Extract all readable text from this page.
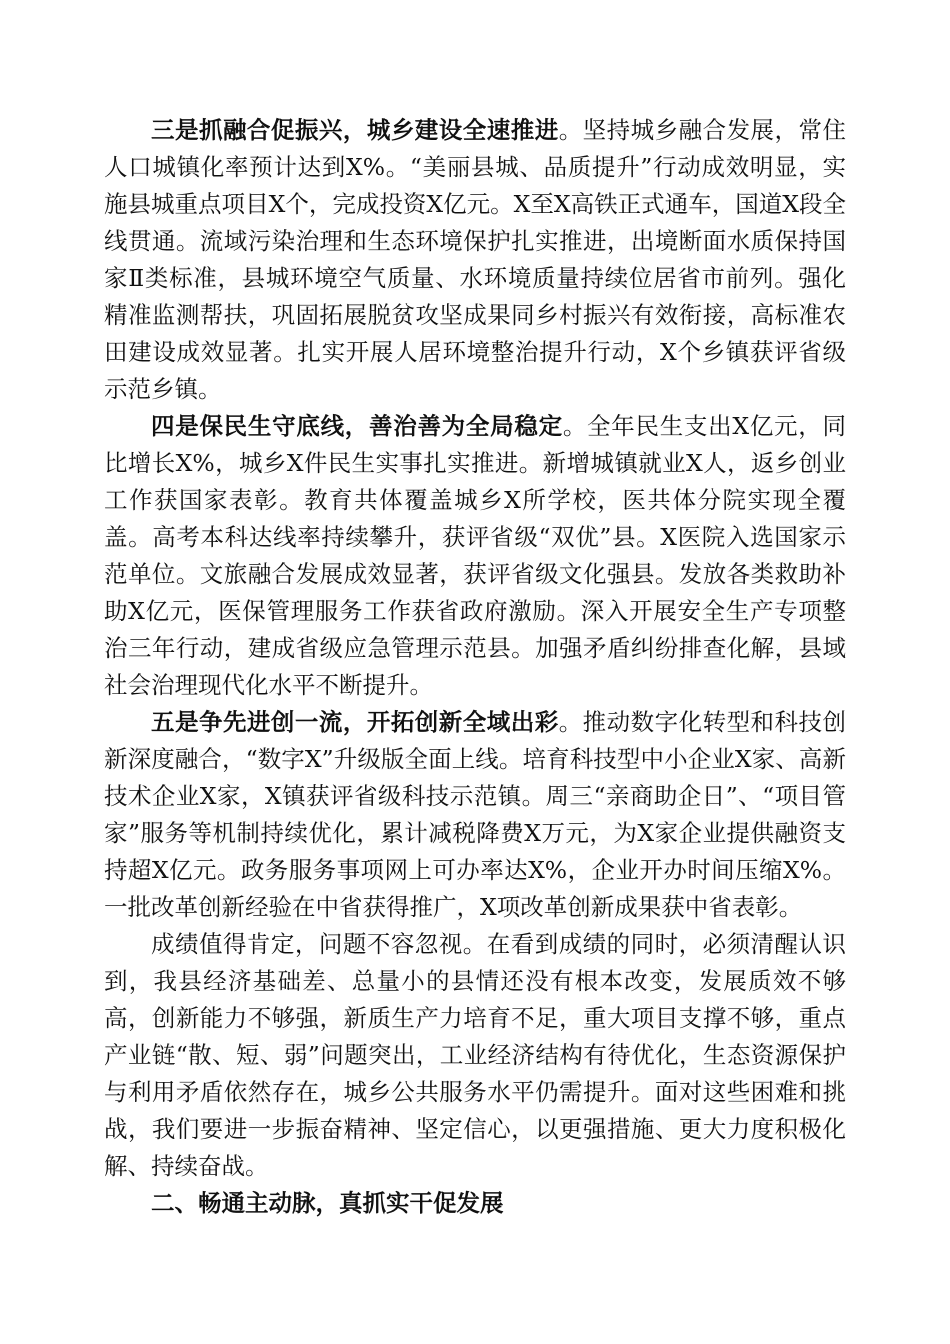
三是抓融合促振兴，城乡建设全速推进。坚持城乡融合发展，常住人口城镇化率预计达到X%。“美丽县城、品质提升”行动成效明显，实施县城重点项目X个，完成投资X亿元。X至X高铁正式通车，国道X段全线贯通。流域污染治理和生态环境保护扎实推进，出境断面水质保持国家Ⅱ类标准，县城环境空气质量、水环境质量持续位居省市前列。强化精准监测帮扶，巩固拓展脱贫攻坚成果同乡村振兴有效衔接，高标准农田建设成效显著。扎实开展人居环境整治提升行动，X个乡镇获评省级示范乡镇。

四是保民生守底线，善治善为全局稳定。全年民生支出X亿元，同比增长X%，城乡X件民生实事扎实推进。新增城镇就业X人，返乡创业工作获国家表彰。教育共体覆盖城乡X所学校，医共体分院实现全覆盖。高考本科达线率持续攀升，获评省级“双优”县。X医院入选国家示范单位。文旅融合发展成效显著，获评省级文化强县。发放各类救助补助X亿元，医保管理服务工作获省政府激励。深入开展安全生产专项整治三年行动，建成省级应急管理示范县。加强矛盾纠纷排查化解，县域社会治理现代化水平不断提升。

五是争先进创一流，开拓创新全域出彩。推动数字化转型和科技创新深度融合，“数字X”升级版全面上线。培育科技型中小企业X家、高新技术企业X家，X镇获评省级科技示范镇。周三“亲商助企日”、“项目管家”服务等机制持续优化，累计减税降费X万元，为X家企业提供融资支持超X亿元。政务服务事项网上可办率达X%，企业开办时间压缩X%。一批改革创新经验在中省获得推广，X项改革创新成果获中省表彰。

成绩值得肯定，问题不容忽视。在看到成绩的同时，必须清醒认识到，我县经济基础差、总量小的县情还没有根本改变，发展质效不够高，创新能力不够强，新质生产力培育不足，重大项目支撑不够，重点产业链“散、短、弱”问题突出，工业经济结构有待优化，生态资源保护与利用矛盾依然存在，城乡公共服务水平仍需提升。面对这些困难和挑战，我们要进一步振奋精神、坚定信心，以更强措施、更大力度积极化解、持续奋战。

二、畅通主动脉，真抓实干促发展
